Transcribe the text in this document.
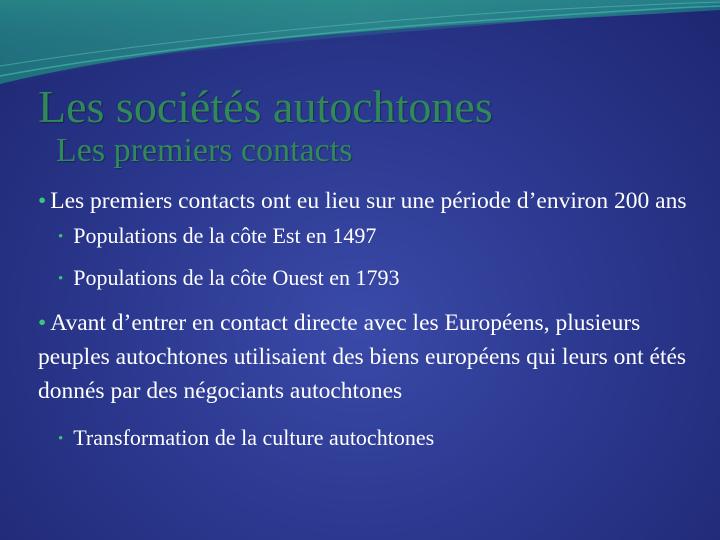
Les sociétés autochtones
Les premiers contacts

• Les premiers contacts ont eu lieu sur une période d’environ 200 ans

• Populations de la côte Est en 1497

• Populations de la côte Ouest en 1793

• Avant d’entrer en contact directe avec les Européens, plusieurs peuples autochtones utilisaient des biens européens qui leurs ont étés donnés par des négociants autochtones

• Transformation de la culture autochtones
